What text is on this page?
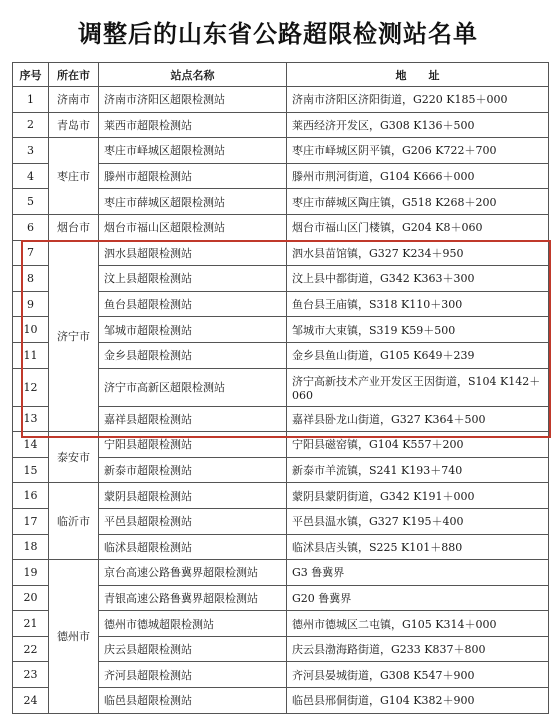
调整后的山东省公路超限检测站名单
序号	所在市	站点名称	地　　址
1	济南市	济南市济阳区超限检测站	济南市济阳区济阳街道，G220 K185＋000
2	青岛市	莱西市超限检测站	莱西经济开发区，G308 K136＋500
3	枣庄市	枣庄市峄城区超限检测站	枣庄市峄城区阴平镇，G206 K722＋700
4		滕州市超限检测站	滕州市荆河街道，G104 K666＋000
5		枣庄市薛城区超限检测站	枣庄市薛城区陶庄镇，G518 K268＋200
6	烟台市	烟台市福山区超限检测站	烟台市福山区门楼镇，G204 K8＋060
7	济宁市	泗水县超限检测站	泗水县苗馆镇，G327 K234＋950
8		汶上县超限检测站	汶上县中都街道，G342 K363＋300
9		鱼台县超限检测站	鱼台县王庙镇，S318 K110＋300
10		邹城市超限检测站	邹城市大束镇，S319 K59＋500
11		金乡县超限检测站	金乡县鱼山街道，G105 K649＋239
12		济宁市高新区超限检测站	济宁高新技术产业开发区王因街道，S104 K142＋060
13		嘉祥县超限检测站	嘉祥县卧龙山街道，G327 K364＋500
14	泰安市	宁阳县超限检测站	宁阳县磁窑镇，G104 K557＋200
15		新泰市超限检测站	新泰市羊流镇，S241 K193＋740
16	临沂市	蒙阴县超限检测站	蒙阴县蒙阴街道，G342 K191＋000
17		平邑县超限检测站	平邑县温水镇，G327 K195＋400
18		临沭县超限检测站	临沭县店头镇，S225 K101＋880
19	德州市	京台高速公路鲁冀界超限检测站	G3 鲁冀界
20		青银高速公路鲁冀界超限检测站	G20 鲁冀界
21		德州市德城超限检测站	德州市德城区二屯镇，G105 K314＋000
22		庆云县超限检测站	庆云县渤海路街道，G233 K837＋800
23		齐河县超限检测站	齐河县晏城街道，G308 K547＋900
24		临邑县超限检测站	临邑县邢侗街道，G104 K382＋900
